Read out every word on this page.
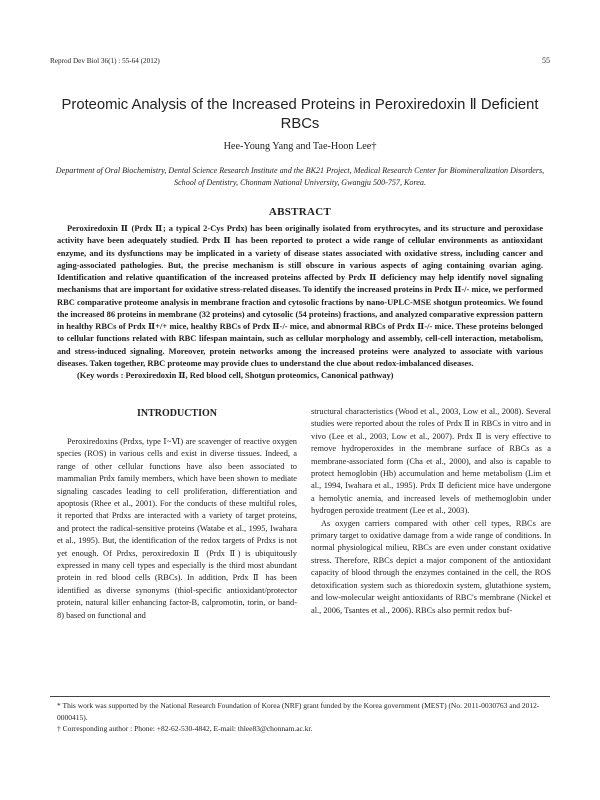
Reprod Dev Biol 36(1) : 55-64 (2012)	55
Proteomic Analysis of the Increased Proteins in Peroxiredoxin Ⅱ Deficient RBCs
Hee-Young Yang and Tae-Hoon Lee†
Department of Oral Biochemistry, Dental Science Research Institute and the BK21 Project, Medical Research Center for Biomineralization Disorders, School of Dentistry, Chonnam National University, Gwangju 500-757, Korea.
ABSTRACT

Peroxiredoxin Ⅱ (Prdx Ⅱ; a typical 2-Cys Prdx) has been originally isolated from erythrocytes, and its structure and peroxidase activity have been adequately studied. Prdx Ⅱ has been reported to protect a wide range of cellular environments as antioxidant enzyme, and its dysfunctions may be implicated in a variety of disease states associated with oxidative stress, including cancer and aging-associated pathologies. But, the precise mechanism is still obscure in various aspects of aging containing ovarian aging. Identification and relative quantification of the increased proteins affected by Prdx Ⅱ deficiency may help identify novel signaling mechanisms that are important for oxidative stress-related diseases. To identify the increased proteins in Prdx Ⅱ-/- mice, we performed RBC comparative proteome analysis in membrane fraction and cytosolic fractions by nano-UPLC-MSE shotgun proteomics. We found the increased 86 proteins in membrane (32 proteins) and cytosolic (54 proteins) fractions, and analyzed comparative expression pattern in healthy RBCs of Prdx Ⅱ+/+ mice, healthy RBCs of Prdx Ⅱ-/- mice, and abnormal RBCs of Prdx Ⅱ-/- mice. These proteins belonged to cellular functions related with RBC lifespan maintain, such as cellular morphology and assembly, cell-cell interaction, metabolism, and stress-induced signaling. Moreover, protein networks among the increased proteins were analyzed to associate with various diseases. Taken together, RBC proteome may provide clues to understand the clue about redox-imbalanced diseases.

(Key words : Peroxiredoxin Ⅱ, Red blood cell, Shotgun proteomics, Canonical pathway)

INTRODUCTION

Peroxiredoxins (Prdxs, type Ⅰ~Ⅵ) are scavenger of reactive oxygen species (ROS) in various cells and exist in diverse tissues. Indeed, a range of other cellular functions have also been associated to mammalian Prdx family members, which have been shown to mediate signaling cascades leading to cell proliferation, differentiation and apoptosis (Rhee et al., 2001). For the conducts of these multiful roles, it reported that Prdxs are interacted with a variety of target proteins, and protect the radical-sensitive proteins (Watabe et al., 1995, Iwahara et al., 1995). But, the identification of the redox targets of Prdxs is not yet enough. Of Prdxs, peroxiredoxin Ⅱ (Prdx Ⅱ) is ubiquitously expressed in many cell types and especially is the third most abundant protein in red blood cells (RBCs). In addition, Prdx Ⅱ has been identified as diverse synonyms (thiol-specific antioxidant/protector protein, natural killer enhancing factor-B, calpromotin, torin, or band-8) based on functional and

structural characteristics (Wood et al., 2003, Low et al., 2008). Several studies were reported about the roles of Prdx Ⅱ in RBCs in vitro and in vivo (Lee et al., 2003, Low et al., 2007). Prdx Ⅱ is very effective to remove hydroperoxides in the membrane surface of RBCs as a membrane-associated form (Cha et al., 2000), and also is capable to protect hemoglobin (Hb) accumulation and heme metabolism (Lim et al., 1994, Iwahara et al., 1995). Prdx Ⅱ deficient mice have undergone a hemolytic anemia, and increased levels of methemoglobin under hydrogen peroxide treatment (Lee et al., 2003).

As oxygen carriers compared with other cell types, RBCs are primary target to oxidative damage from a wide range of conditions. In normal physiological milieu, RBCs are even under constant oxidative stress. Therefore, RBCs depict a major component of the antioxidant capacity of blood through the enzymes contained in the cell, the ROS detoxification system such as thioredoxin system, glutathione system, and low-molecular weight antioxidants of RBC's membrane (Nickel et al., 2006, Tsantes et al., 2006). RBCs also permit redox buf-

* This work was supported by the National Research Foundation of Korea (NRF) grant funded by the Korea government (MEST) (No. 2011-0030763 and 2012-0000415).

† Corresponding author : Phone: +82-62-530-4842, E-mail: thlee83@chonnam.ac.kr.
